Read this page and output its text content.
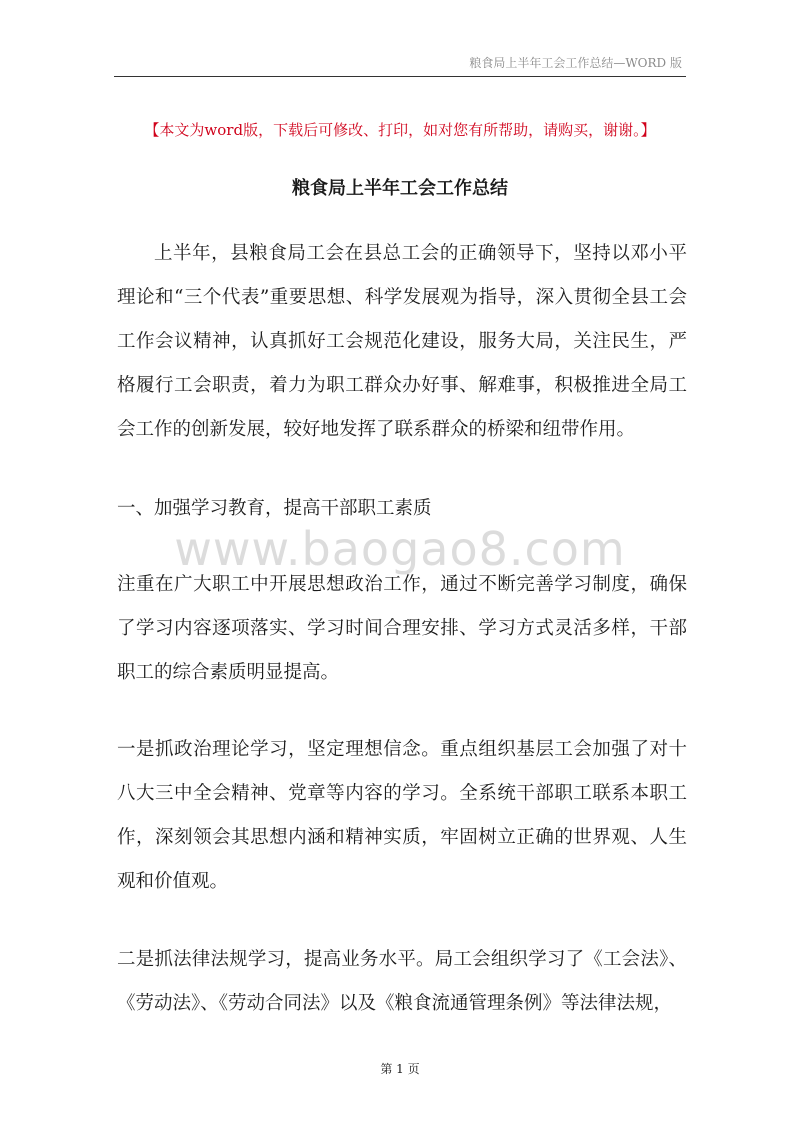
粮食局上半年工会工作总结—WORD 版
【本文为word版，下载后可修改、打印，如对您有所帮助，请购买，谢谢。】
粮食局上半年工会工作总结

上半年，县粮食局工会在县总工会的正确领导下，坚持以邓小平理论和“三个代表”重要思想、科学发展观为指导，深入贯彻全县工会工作会议精神，认真抓好工会规范化建设，服务大局，关注民生，严格履行工会职责，着力为职工群众办好事、解难事，积极推进全局工会工作的创新发展，较好地发挥了联系群众的桥梁和纽带作用。

一、加强学习教育，提高干部职工素质

www.baogao8.com

注重在广大职工中开展思想政治工作，通过不断完善学习制度，确保了学习内容逐项落实、学习时间合理安排、学习方式灵活多样，干部职工的综合素质明显提高。

一是抓政治理论学习，坚定理想信念。重点组织基层工会加强了对十八大三中全会精神、党章等内容的学习。全系统干部职工联系本职工作，深刻领会其思想内涵和精神实质，牢固树立正确的世界观、人生观和价值观。

二是抓法律法规学习，提高业务水平。局工会组织学习了《工会法》、《劳动法》、《劳动合同法》以及《粮食流通管理条例》等法律法规，

第 1 页
